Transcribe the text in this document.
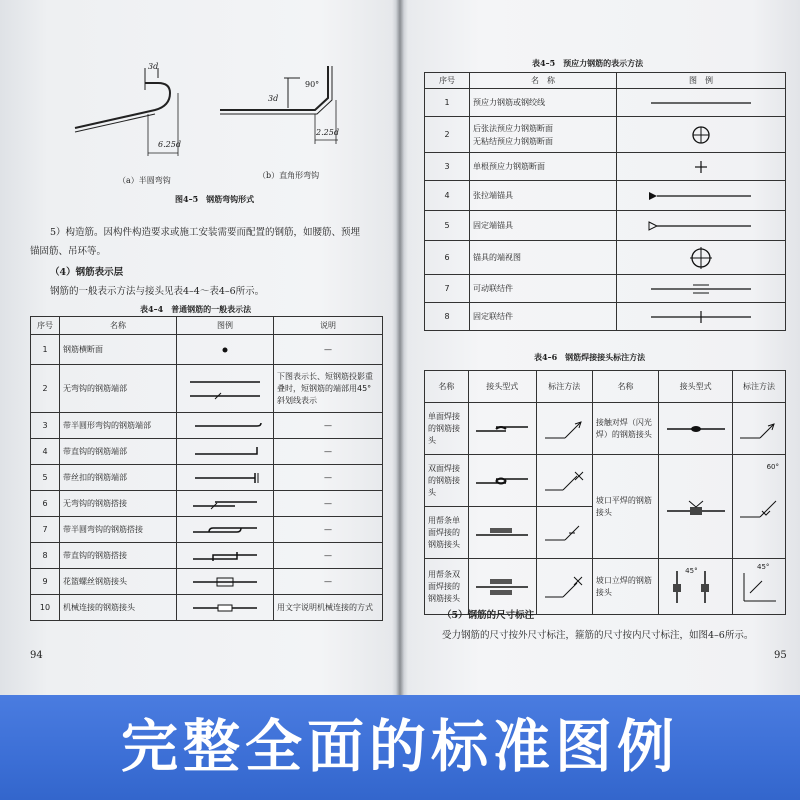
3d
6.25d
3d
90°
2.25d
（a）半圆弯钩
（b）直角形弯钩
图4–5　钢筋弯钩形式
5）构造筋。因构件构造要求或施工安装需要而配置的钢筋，如腰筋、预埋
锚固筋、吊环等。
（4）钢筋表示层
钢筋的一般表示方法与接头见表4–4～表4–6所示。
表4–4　普通钢筋的一般表示法
序号	名称	图例	说明
1	钢筋横断面		—
2	无弯钩的钢筋端部		下图表示长、短钢筋投影重叠时，短钢筋的端部用45°斜划线表示
3	带半圆形弯钩的钢筋端部		—
4	带直钩的钢筋端部		—
5	带丝扣的钢筋端部		—
6	无弯钩的钢筋搭接		—
7	带半圆弯钩的钢筋搭接		—
8	带直钩的钢筋搭接		—
9	花篮螺丝钢筋接头		—
10	机械连接的钢筋接头		用文字说明机械连接的方式
94
表4–5　预应力钢筋的表示方法
序号	名　称	图　例
1	预应力钢筋或钢绞线	

2	后张法预应力钢筋断面
无粘结预应力钢筋断面	

3	单根预应力钢筋断面	

4	张拉端锚具	

5	固定端锚具	

6	锚具的端视图	

7	可动联结件	

8	固定联结件	
表4–6　钢筋焊接接头标注方法
名称	接头型式	标注方法	名称	接头型式	标注方法
单面焊接的钢筋接头			接触对焊（闪光焊）的钢筋接头	

双面焊接的钢筋接头			坡口平焊的钢筋接头		60°

用帮条单面焊接的钢筋接头	

用帮条双面焊接的钢筋接头			坡口立焊的钢筋接头	45°	45°
（5）钢筋的尺寸标注
受力钢筋的尺寸按外尺寸标注，箍筋的尺寸按内尺寸标注，如图4–6所示。
95
完整全面的标准图例
